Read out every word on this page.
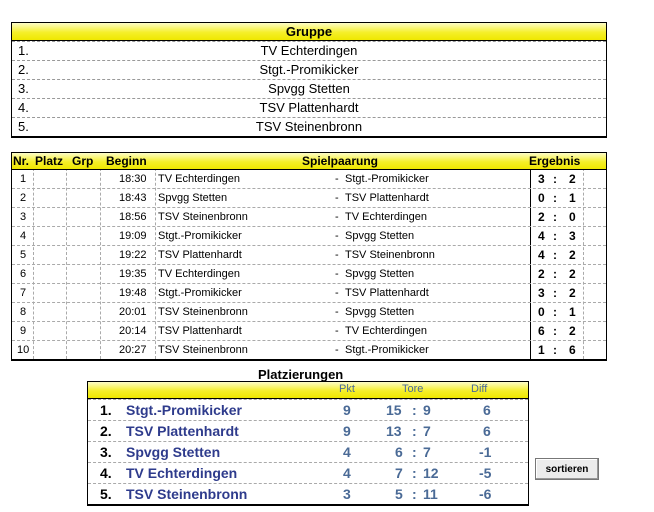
Gruppe
1.	TV Echterdingen
2.	Stgt.-Promikicker
3.	Spvgg Stetten
4.	TSV Plattenhardt
5.	TSV Steinenbronn
Nr. Platz Grp Beginn	Spielpaarung	Ergebnis
1	18:30 TV Echterdingen	- Stgt.-Promikicker	3 : 2
2	18:43 Spvgg Stetten	- TSV Plattenhardt	0 : 1
3	18:56 TSV Steinenbronn	- TV Echterdingen	2 : 0
4	19:09 Stgt.-Promikicker	- Spvgg Stetten	4 : 3
5	19:22 TSV Plattenhardt	- TSV Steinenbronn	4 : 2
6	19:35 TV Echterdingen	- Spvgg Stetten	2 : 2
7	19:48 Stgt.-Promikicker	- TSV Plattenhardt	3 : 2
8	20:01 TSV Steinenbronn	- Spvgg Stetten	0 : 1
9	20:14 TSV Plattenhardt	- TV Echterdingen	6 : 2
10	20:27 TSV Steinenbronn	- Stgt.-Promikicker	1 : 6
Platzierungen
Pkt	Tore	Diff
1. Stgt.-Promikicker	9	15 : 9	6
2. TSV Plattenhardt	9	13 : 7	6
3. Spvgg Stetten	4	6 : 7	-1
4. TV Echterdingen	4	7 : 12	-5
5. TSV Steinenbronn	3	5 : 11	-6
sortieren
